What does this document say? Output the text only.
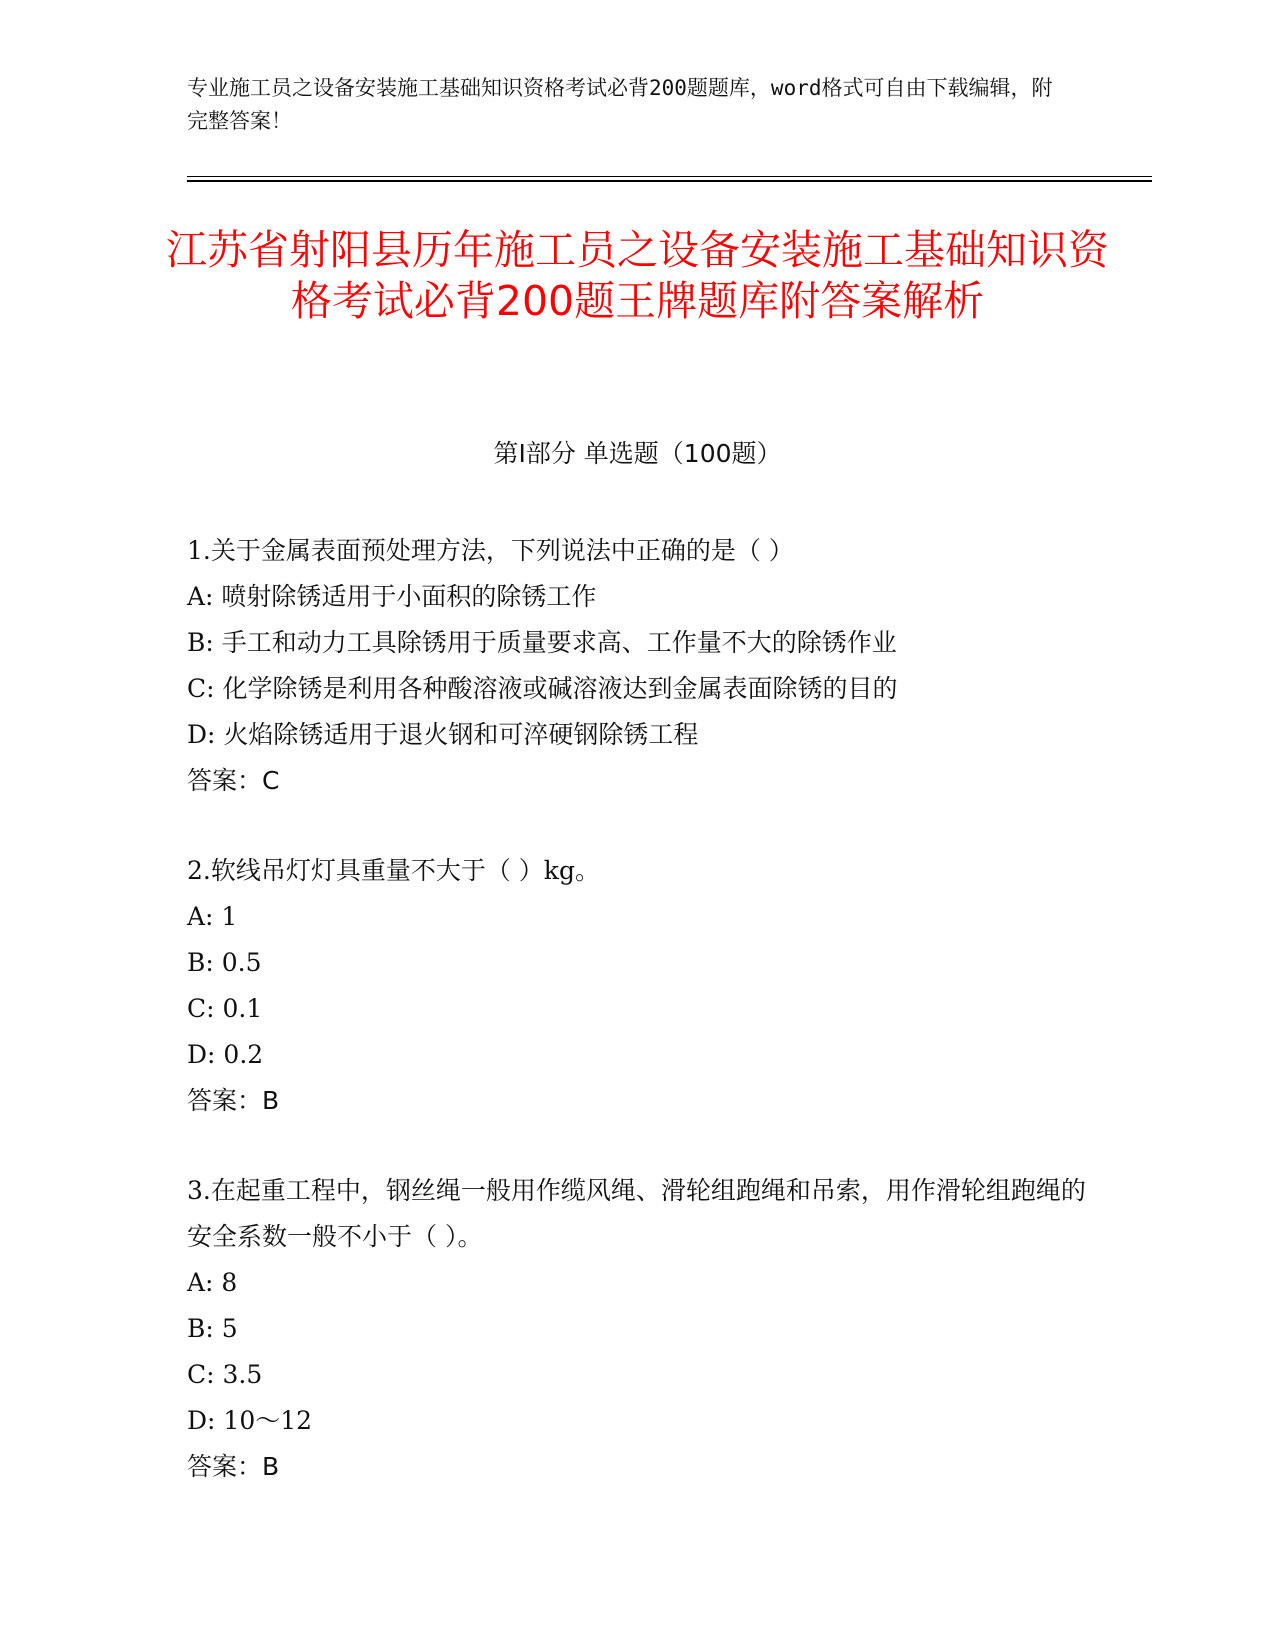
专业施工员之设备安装施工基础知识资格考试必背200题题库，word格式可自由下载编辑，附完整答案！
江苏省射阳县历年施工员之设备安装施工基础知识资格考试必背200题王牌题库附答案解析
第I部分 单选题（100题）

1.关于金属表面预处理方法，下列说法中正确的是（ ）

A: 喷射除锈适用于小面积的除锈工作

B: 手工和动力工具除锈用于质量要求高、工作量不大的除锈作业

C: 化学除锈是利用各种酸溶液或碱溶液达到金属表面除锈的目的

D: 火焰除锈适用于退火钢和可淬硬钢除锈工程

答案：C

2.软线吊灯灯具重量不大于（ ）kg。

A: 1

B: 0.5

C: 0.1

D: 0.2

答案：B

3.在起重工程中，钢丝绳一般用作缆风绳、滑轮组跑绳和吊索，用作滑轮组跑绳的安全系数一般不小于（ ）。

A: 8

B: 5

C: 3.5

D: 10～12

答案：B
